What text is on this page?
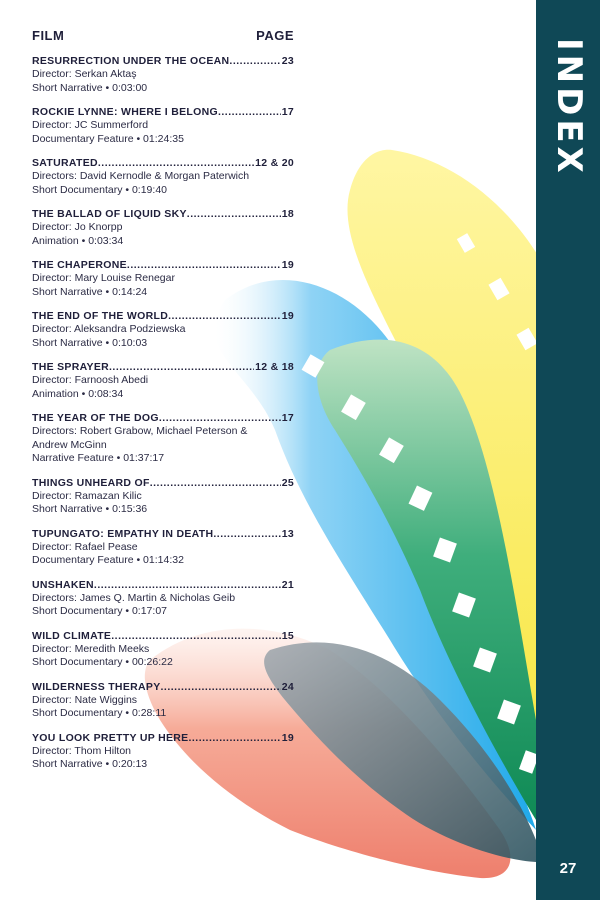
INDEX
27
FILM	PAGE
RESURRECTION UNDER THE OCEAN .....	23
Director: Serkan Aktaş
Short Narrative • 0:03:00
ROCKIE LYNNE: WHERE I BELONG .....	17
Director: JC Summerford
Documentary Feature • 01:24:35
SATURATED .....	12 & 20
Directors: David Kernodle & Morgan Paterwich
Short Documentary • 0:19:40
THE BALLAD OF LIQUID SKY .....	18
Director: Jo Knorpp
Animation • 0:03:34
THE CHAPERONE .....	19
Director: Mary Louise Renegar
Short Narrative • 0:14:24
THE END OF THE WORLD .....	19
Director: Aleksandra Podziewska
Short Narrative • 0:10:03
THE SPRAYER .....	12 & 18
Director: Farnoosh Abedi
Animation • 0:08:34
THE YEAR OF THE DOG .....	17
Directors: Robert Grabow, Michael Peterson &
Andrew McGinn
Narrative Feature • 01:37:17
THINGS UNHEARD OF .....	25
Director: Ramazan Kilic
Short Narrative • 0:15:36
TUPUNGATO: EMPATHY IN DEATH .....	13
Director: Rafael Pease
Documentary Feature • 01:14:32
UNSHAKEN .....	21
Directors: James Q. Martin & Nicholas Geib
Short Documentary • 0:17:07
WILD CLIMATE .....	15
Director: Meredith Meeks
Short Documentary • 00:26:22
WILDERNESS THERAPY .....	24
Director: Nate Wiggins
Short Documentary • 0:28:11
YOU LOOK PRETTY UP HERE .....	19
Director: Thom Hilton
Short Narrative • 0:20:13
